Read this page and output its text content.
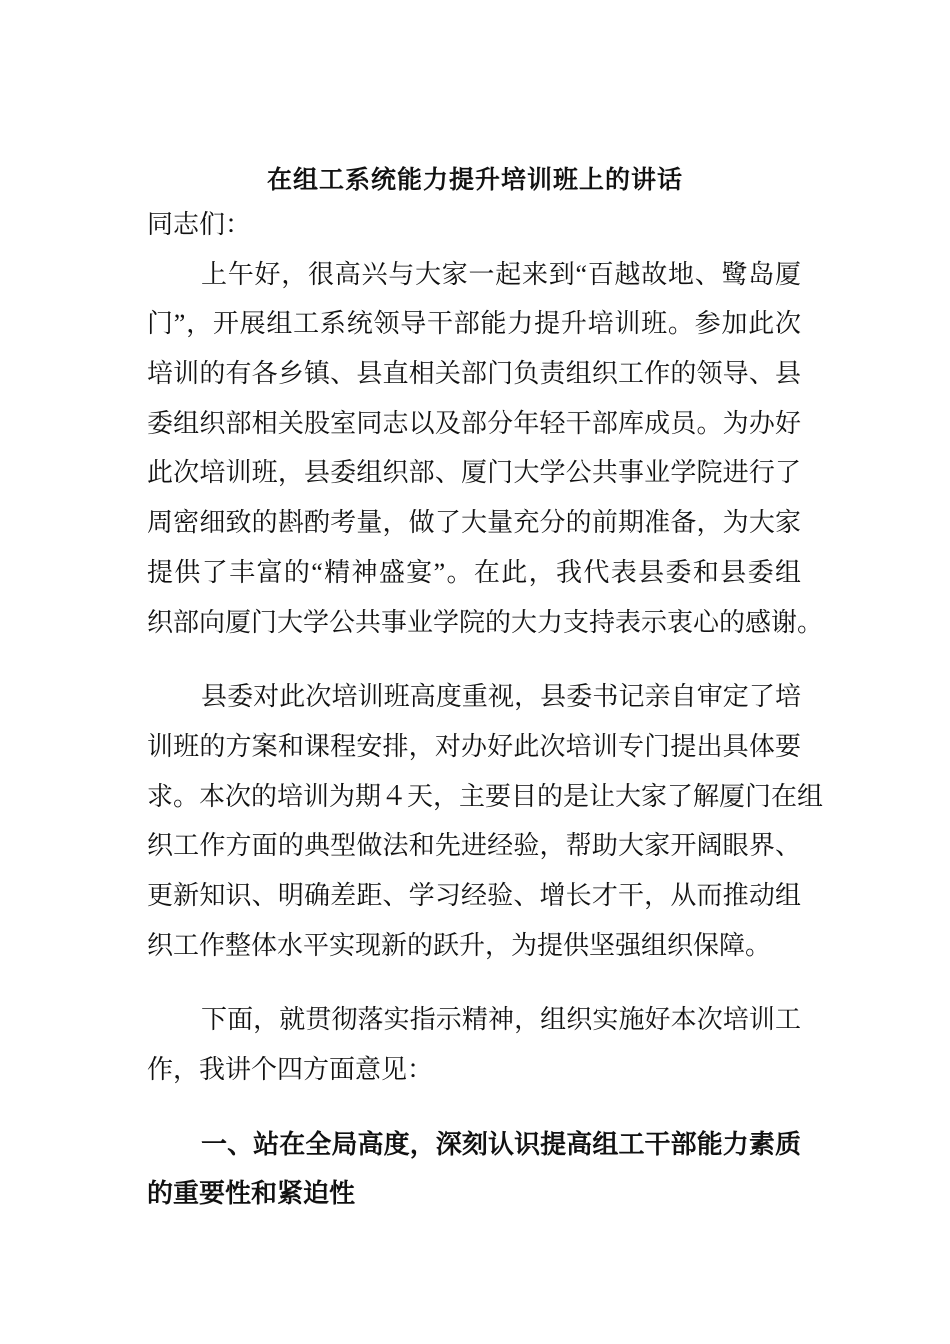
在组工系统能力提升培训班上的讲话
同志们：
上午好，很高兴与大家一起来到“百越故地、鹭岛厦
门”，开展组工系统领导干部能力提升培训班。参加此次
培训的有各乡镇、县直相关部门负责组织工作的领导、县
委组织部相关股室同志以及部分年轻干部库成员。为办好
此次培训班，县委组织部、厦门大学公共事业学院进行了
周密细致的斟酌考量，做了大量充分的前期准备，为大家
提供了丰富的“精神盛宴”。在此，我代表县委和县委组
织部向厦门大学公共事业学院的大力支持表示衷心的感谢。
县委对此次培训班高度重视，县委书记亲自审定了培
训班的方案和课程安排，对办好此次培训专门提出具体要
求。本次的培训为期４天，主要目的是让大家了解厦门在组
织工作方面的典型做法和先进经验，帮助大家开阔眼界、
更新知识、明确差距、学习经验、增长才干，从而推动组
织工作整体水平实现新的跃升，为提供坚强组织保障。
下面，就贯彻落实指示精神，组织实施好本次培训工
作，我讲个四方面意见：
一、站在全局高度，深刻认识提高组工干部能力素质
的重要性和紧迫性
